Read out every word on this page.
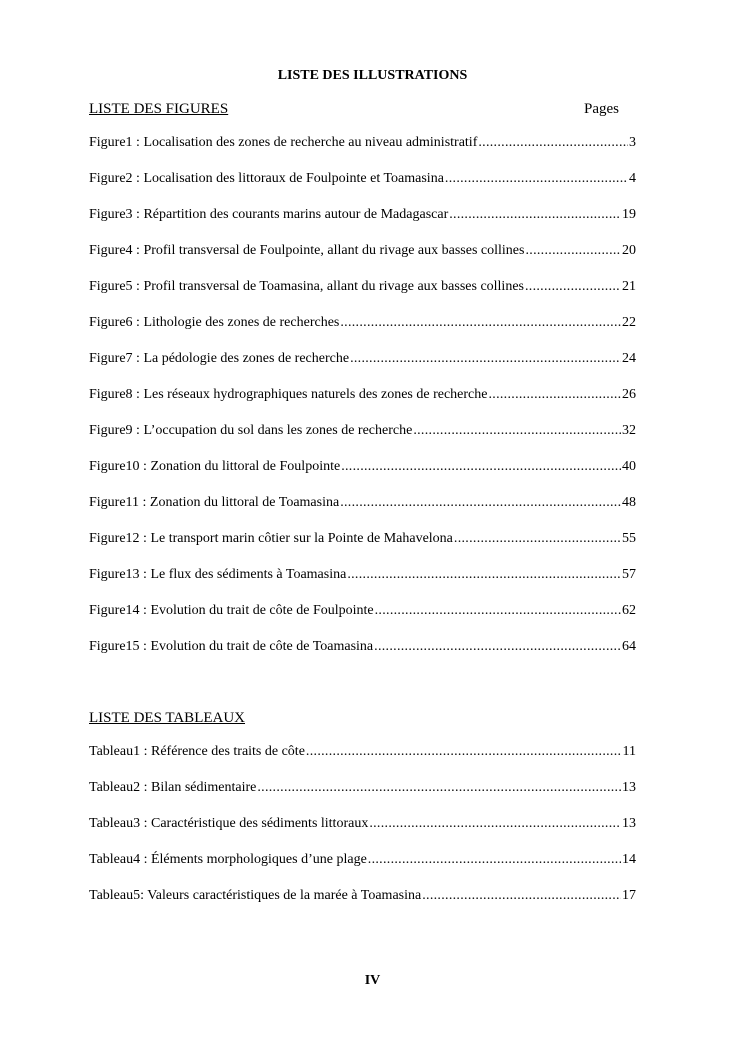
LISTE DES ILLUSTRATIONS
LISTE DES FIGURES	Pages
Figure1 : Localisation des zones de recherche au niveau administratif .....	3
Figure2 : Localisation des littoraux de Foulpointe et Toamasina .....	4
Figure3 : Répartition des courants marins autour de Madagascar .....	19
Figure4 : Profil transversal de Foulpointe, allant du rivage aux basses collines .....	20
Figure5 : Profil transversal de Toamasina, allant du rivage aux basses collines .....	21
Figure6 : Lithologie des zones de recherches .....	22
Figure7 : La pédologie des zones de recherche .....	24
Figure8 : Les réseaux hydrographiques naturels des zones de recherche .....	26
Figure9 : L’occupation du sol dans les zones de recherche .....	32
Figure10 : Zonation du littoral de Foulpointe .....	40
Figure11 : Zonation du littoral de Toamasina .....	48
Figure12 : Le transport marin côtier sur la Pointe de Mahavelona .....	55
Figure13 : Le flux des sédiments à Toamasina .....	57
Figure14 : Evolution du trait de côte de Foulpointe .....	62
Figure15 : Evolution du trait de côte de Toamasina .....	64
LISTE DES TABLEAUX
Tableau1 : Référence des traits de côte .....	11
Tableau2 : Bilan sédimentaire .....	13
Tableau3 : Caractéristique des sédiments littoraux .....	13
Tableau4 : Éléments morphologiques d’une plage .....	14
Tableau5: Valeurs caractéristiques de la marée à Toamasina .....	17
IV
